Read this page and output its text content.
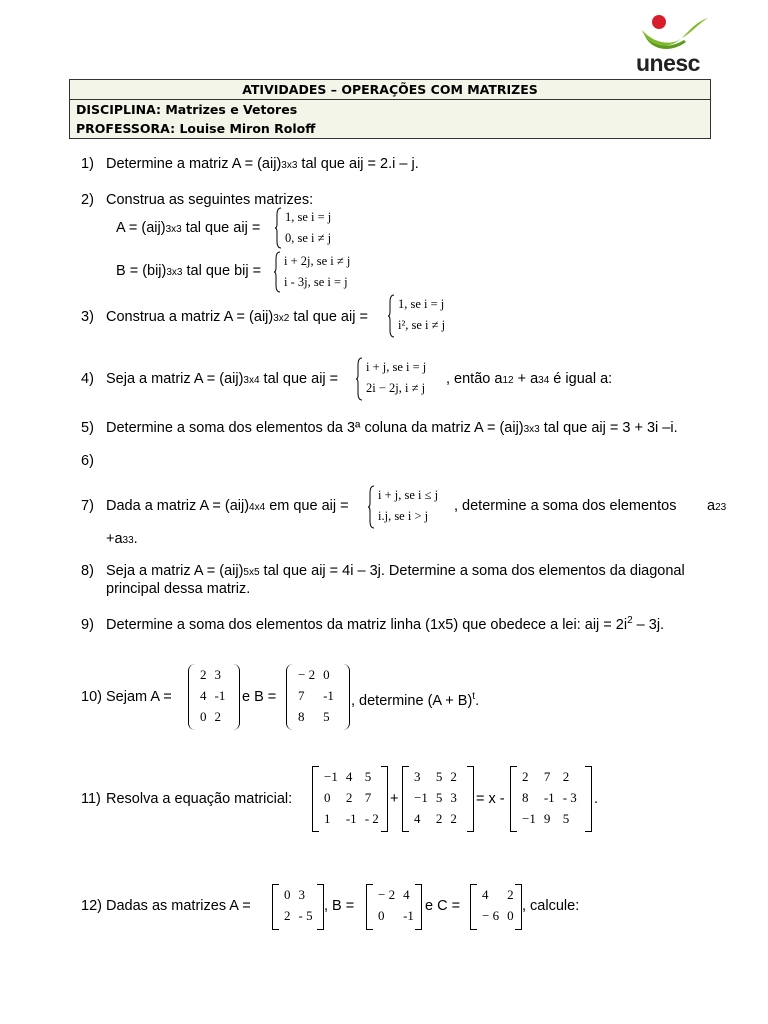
unesc
ATIVIDADES – OPERAÇÕES COM MATRIZES
DISCIPLINA: Matrizes e Vetores
PROFESSORA: Louise Miron Roloff
1) Determine a matriz A = (aij)3x3 tal que aij = 2.i – j.
2) Construa as seguintes matrizes:
A = (aij)3x3 tal que aij =
1, se i = j
0, se i ≠ j
B = (bij)3x3 tal que bij =
i + 2j, se i ≠ j
i - 3j, se i = j
3) Construa a matriz A = (aij)3x2 tal que aij =
1, se i = j
i², se i ≠ j
4) Seja a matriz A = (aij)3x4 tal que aij =
i + j, se i = j
2i − 2j, i ≠ j
, então a12 + a34 é igual a:
5) Determine a soma dos elementos da 3ª coluna da matriz A = (aij)3x3 tal que aij = 3 + 3i –i.
6)
7) Dada a matriz A = (aij)4x4 em que aij =
i + j, se i ≤ j
i.j, se i > j
, determine a soma dos elementos a23
+a33.
8) Seja a matriz A = (aij)5x5 tal que aij = 4i – 3j. Determine a soma dos elementos da diagonal
principal dessa matriz.
9) Determine a soma dos elementos da matriz linha (1x5) que obedece a lei: aij = $2i^2 - 3j$.
10) Sejam A =
2	3
4	-1
0	2
e B =
− 2	0
7	-1
8	5
, determine $(A + B)^t$.
11) Resolva a equação matricial:
−1	4	5
0	2	7
1	-1	- 2
+
3	5	2
−1	5	3
4	2	2
= x -
2	7	2
8	-1	- 3
−1	9	5
.
12) Dadas as matrizes A =
0	3
2	- 5
, B =
− 2	4
0	-1
e C =
4	2
− 6	0
, calcule:
